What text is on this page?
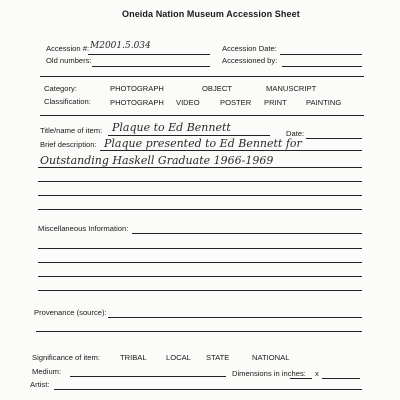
Oneida Nation Museum Accession Sheet
Accession #: M2001.5.034	Accession Date:
Old numbers:	Accessioned by:
Category:	PHOTOGRAPH	OBJECT	MANUSCRIPT
Classification:	PHOTOGRAPH VIDEO	POSTER PRINT	PAINTING
Title/name of item: Plaque to Ed Bennett	Date:
Brief description: Plaque presented to Ed Bennett for
Outstanding Haskell Graduate 1966-1969
Miscellaneous Information:
Provenance (source):
Significance of item:	TRIBAL	LOCAL STATE	NATIONAL
Medium:	Dimensions in inches: x
Artist:
